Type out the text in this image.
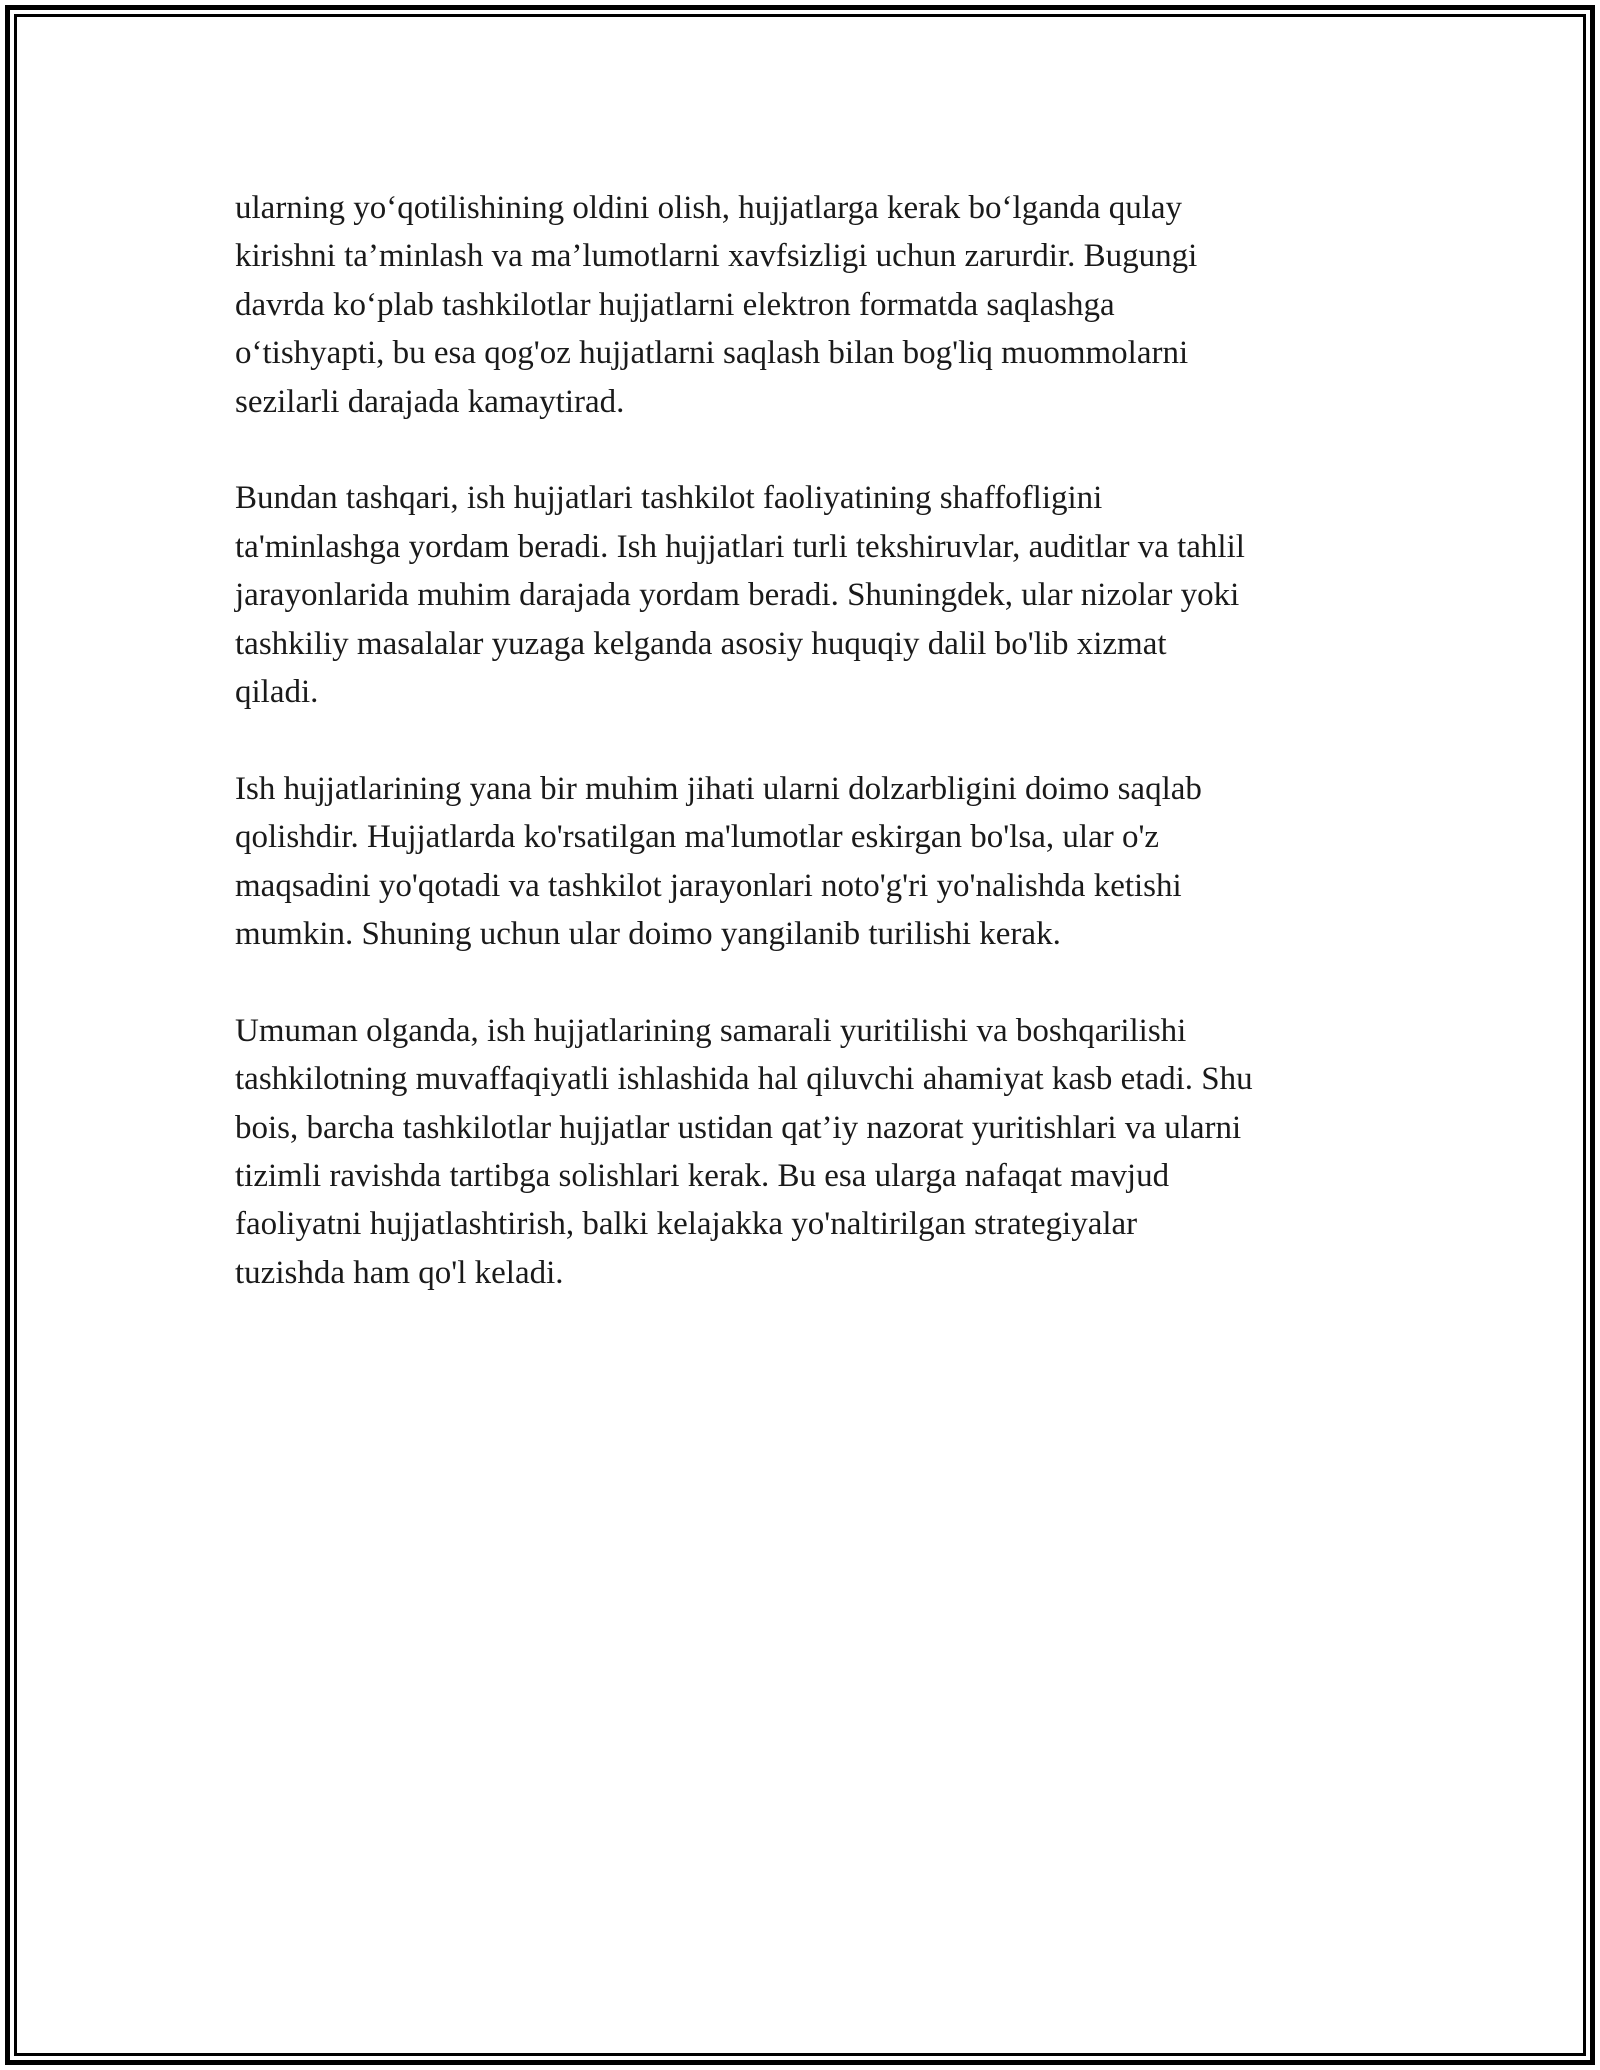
ularning yo‘qotilishining oldini olish, hujjatlarga kerak bo‘lganda qulay
kirishni ta’minlash va ma’lumotlarni xavfsizligi uchun zarurdir. Bugungi
davrda ko‘plab tashkilotlar hujjatlarni elektron formatda saqlashga
o‘tishyapti, bu esa qog'oz hujjatlarni saqlash bilan bog'liq muommolarni
sezilarli darajada kamaytirad.

Bundan tashqari, ish hujjatlari tashkilot faoliyatining shaffofligini
ta'minlashga yordam beradi. Ish hujjatlari turli tekshiruvlar, auditlar va tahlil
jarayonlarida muhim darajada yordam beradi. Shuningdek, ular nizolar yoki
tashkiliy masalalar yuzaga kelganda asosiy huquqiy dalil bo'lib xizmat
qiladi.

Ish hujjatlarining yana bir muhim jihati ularni dolzarbligini doimo saqlab
qolishdir. Hujjatlarda ko'rsatilgan ma'lumotlar eskirgan bo'lsa, ular o'z
maqsadini yo'qotadi va tashkilot jarayonlari noto'g'ri yo'nalishda ketishi
mumkin. Shuning uchun ular doimo yangilanib turilishi kerak.

Umuman olganda, ish hujjatlarining samarali yuritilishi va boshqarilishi
tashkilotning muvaffaqiyatli ishlashida hal qiluvchi ahamiyat kasb etadi. Shu
bois, barcha tashkilotlar hujjatlar ustidan qat’iy nazorat yuritishlari va ularni
tizimli ravishda tartibga solishlari kerak. Bu esa ularga nafaqat mavjud
faoliyatni hujjatlashtirish, balki kelajakka yo'naltirilgan strategiyalar
tuzishda ham qo'l keladi.
